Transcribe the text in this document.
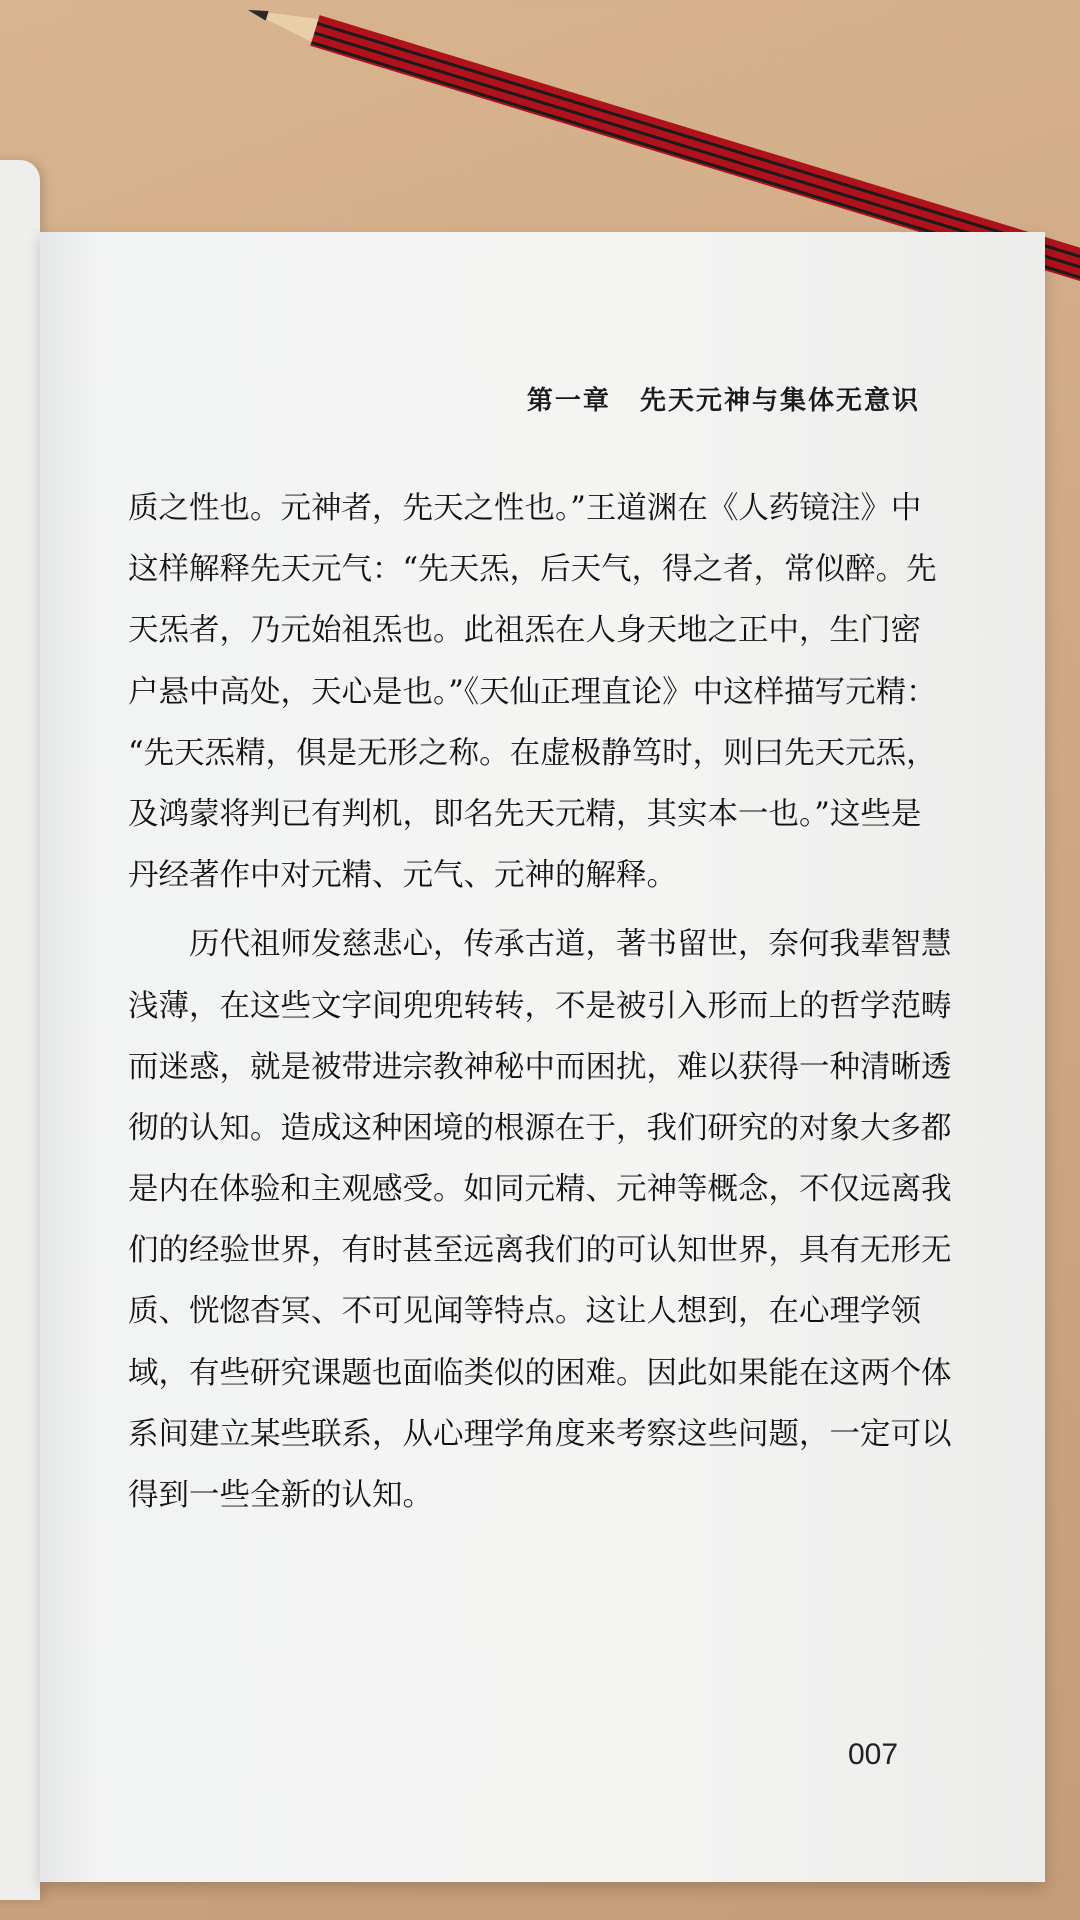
第一章 先天元神与集体无意识
质之性也。元神者，先天之性也。”王道渊在《人药镜注》中
这样解释先天元气：“先天炁，后天气，得之者，常似醉。先
天炁者，乃元始祖炁也。此祖炁在人身天地之正中，生门密
户悬中高处，天心是也。”《天仙正理直论》中这样描写元精：
“先天炁精，俱是无形之称。在虚极静笃时，则曰先天元炁，
及鸿蒙将判已有判机，即名先天元精，其实本一也。”这些是
丹经著作中对元精、元气、元神的解释。
历代祖师发慈悲心，传承古道，著书留世，奈何我辈智慧
浅薄，在这些文字间兜兜转转，不是被引入形而上的哲学范畴
而迷惑，就是被带进宗教神秘中而困扰，难以获得一种清晰透
彻的认知。造成这种困境的根源在于，我们研究的对象大多都
是内在体验和主观感受。如同元精、元神等概念，不仅远离我
们的经验世界，有时甚至远离我们的可认知世界，具有无形无
质、恍惚杳冥、不可见闻等特点。这让人想到，在心理学领
域，有些研究课题也面临类似的困难。因此如果能在这两个体
系间建立某些联系，从心理学角度来考察这些问题，一定可以
得到一些全新的认知。
007
